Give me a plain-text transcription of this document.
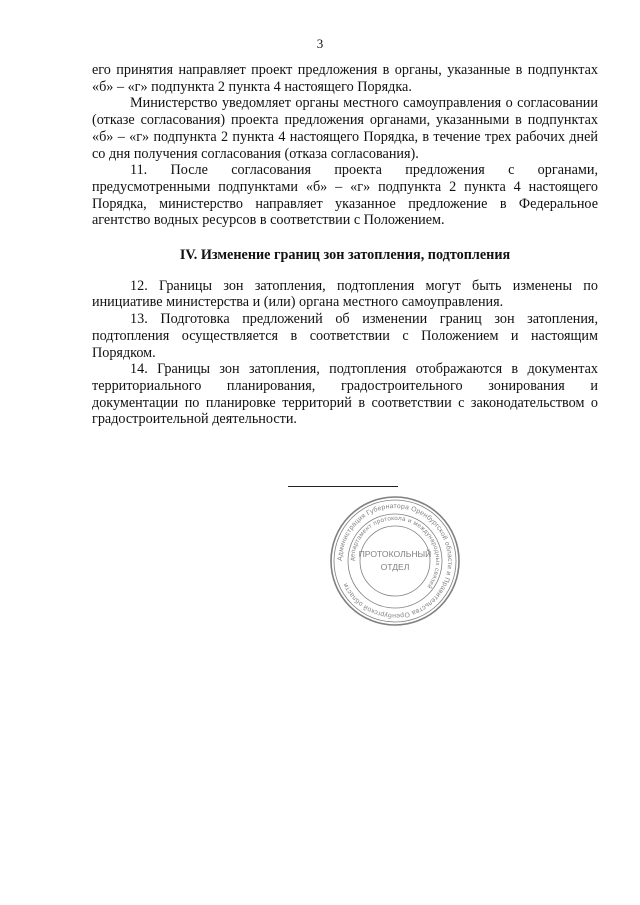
3

его принятия направляет проект предложения в органы, указанные в подпунктах «б» – «г» подпункта 2 пункта 4 настоящего Порядка.

Министерство уведомляет органы местного самоуправления о согласовании (отказе согласования) проекта предложения органами, указанными в подпунктах «б» – «г» подпункта 2 пункта 4 настоящего Порядка, в течение трех рабочих дней со дня получения согласования (отказа согласования).

11. После согласования проекта предложения с органами, предусмотренными подпунктами «б» – «г» подпункта 2 пункта 4 настоящего Порядка, министерство направляет указанное предложение в Федеральное агентство водных ресурсов в соответствии с Положением.

IV. Изменение границ зон затопления, подтопления

12. Границы зон затопления, подтопления могут быть изменены по инициативе министерства и (или) органа местного самоуправления.

13. Подготовка предложений об изменении границ зон затопления, подтопления осуществляется в соответствии с Положением и настоящим Порядком.

14. Границы зон затопления, подтопления отображаются в документах территориального планирования, градостроительного зонирования и документации по планировке территорий в соответствии с законодательством о градостроительной деятельности.

Администрация Губернатора Оренбургской области и Правительства Оренбургской области
департамент протокола и международных связей
ПРОТОКОЛЬНЫЙ
ОТДЕЛ
